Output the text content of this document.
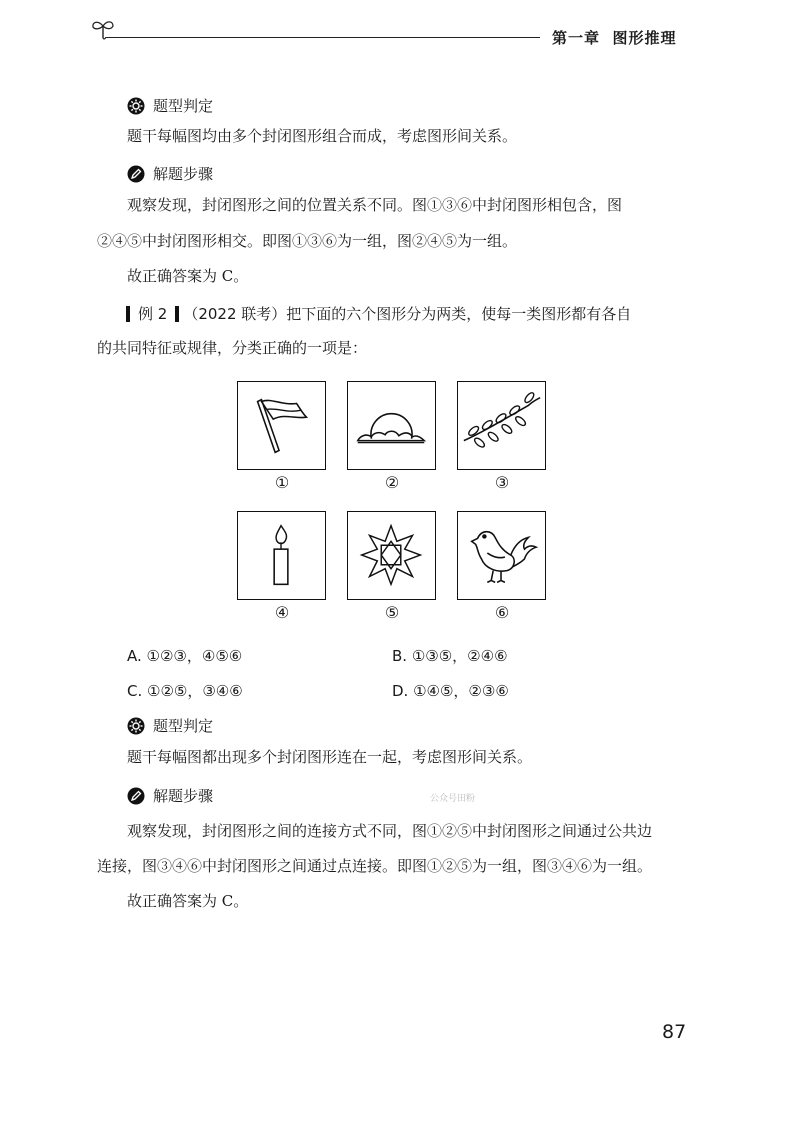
第一章 图形推理
题型判定
题干每幅图均由多个封闭图形组合而成，考虑图形间关系。
解题步骤
观察发现，封闭图形之间的位置关系不同。图①③⑥中封闭图形相包含，图
②④⑤中封闭图形相交。即图①③⑥为一组，图②④⑤为一组。
故正确答案为 C。
例 2 （2022 联考） 把下面的六个图形分为两类，使每一类图形都有各自
的共同特征或规律，分类正确的一项是：
①	②	③
④	⑤	⑥
A. ①②③，④⑤⑥	B. ①③⑤，②④⑥
C. ①②⑤，③④⑥	D. ①④⑤，②③⑥
题型判定
题干每幅图都出现多个封闭图形连在一起，考虑图形间关系。
解题步骤	公众号田粉
观察发现，封闭图形之间的连接方式不同，图①②⑤中封闭图形之间通过公共边
连接，图③④⑥中封闭图形之间通过点连接。即图①②⑤为一组，图③④⑥为一组。
故正确答案为 C。
87
